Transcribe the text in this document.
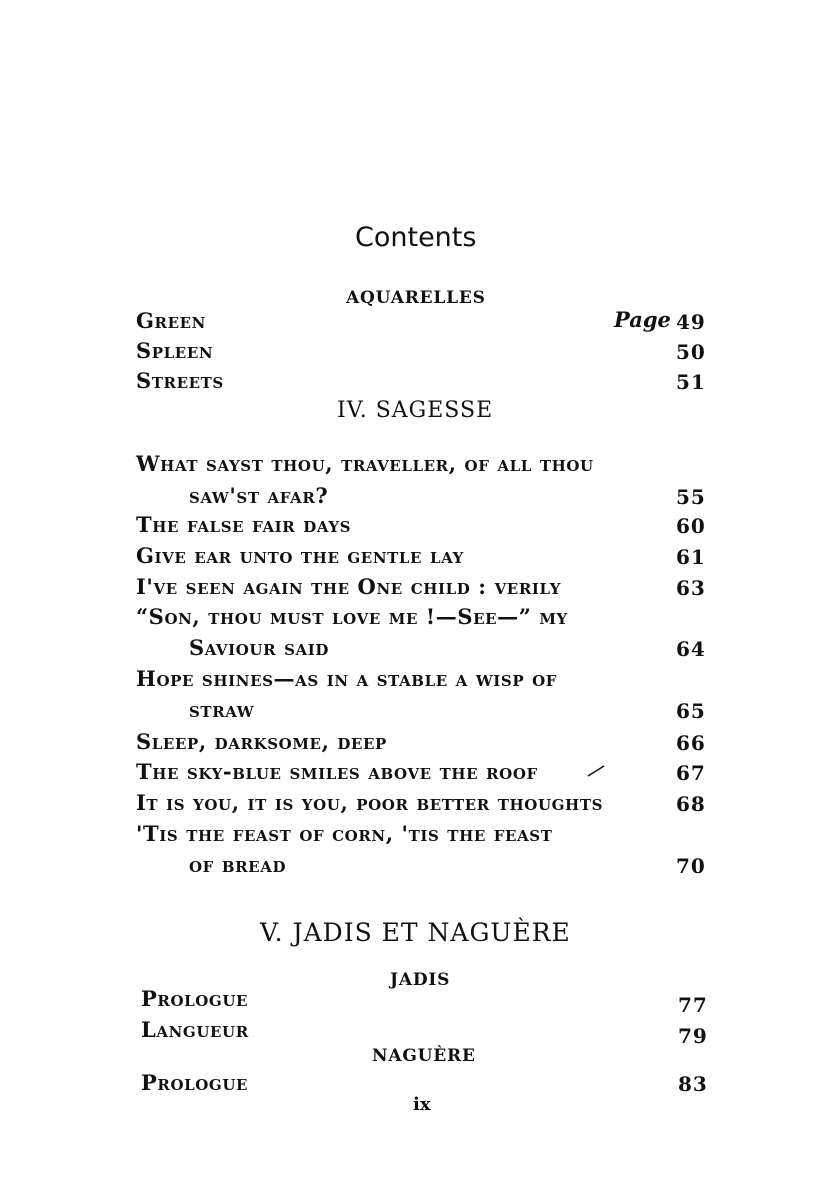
Contents
AQUARELLES
Page
Green	49
Spleen	50
Streets	51
IV. SAGESSE
What sayst thou, traveller, of all thou
saw'st afar?	55
The false fair days	60
Give ear unto the gentle lay	61
I've seen again the One child : verily	63
“Son, thou must love me !—See—” my
Saviour said	64
Hope shines—as in a stable a wisp of
straw	65
Sleep, darksome, deep	66
The sky-blue smiles above the roof	67
It is you, it is you, poor better thoughts	68
'Tis the feast of corn, 'tis the feast
of bread	70
V. JADIS ET NAGUÈRE
JADIS
Prologue	77
Langueur	79
NAGUÈRE
Prologue	83
ix
